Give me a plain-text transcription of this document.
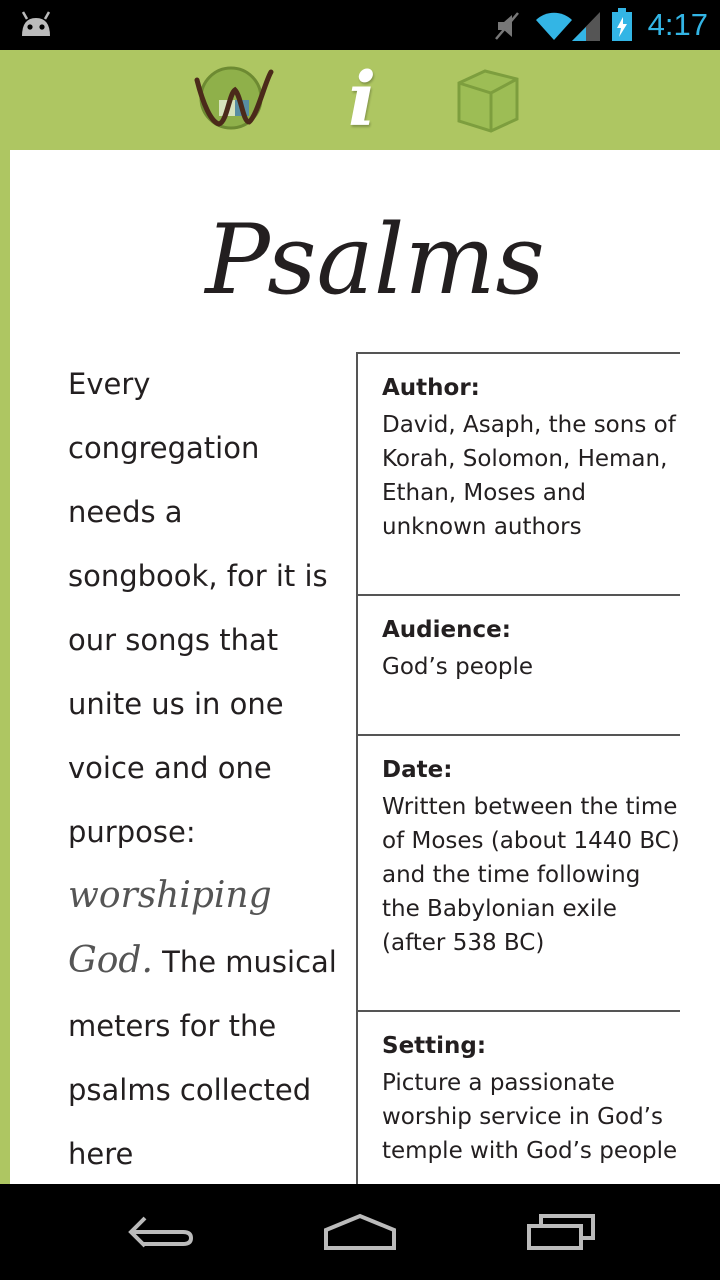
4:17
i
Psalms
Every congregation needs a songbook, for it is our songs that unite us in one voice and one purpose: worshiping God. The musical meters for the psalms collected here
Author:
David, Asaph, the sons of Korah, Solomon, Heman, Ethan, Moses and unknown authors
Audience:
God’s people
Date:
Written between the time of Moses (about 1440 BC) and the time following the Babylonian exile (after 538 BC)
Setting:
Picture a passionate worship service in God’s temple with God’s people
